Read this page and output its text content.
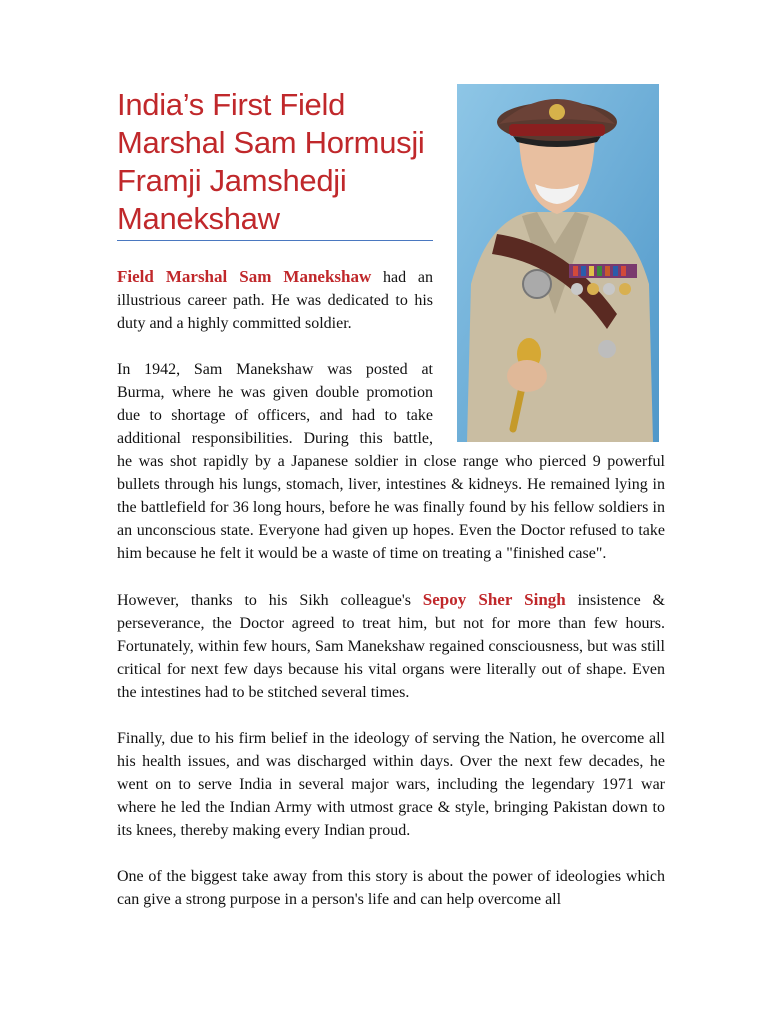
India’s First Field Marshal Sam Hormusji Framji Jamshedji Manekshaw

Field Marshal Sam Manekshaw had an

illustrious career path. He was dedicated to his duty and a highly committed soldier.

In 1942, Sam Manekshaw was posted at

Burma, where he was given double promotion

due to shortage of officers, and had to take

additional responsibilities. During this battle,

he was shot rapidly by a Japanese soldier in close range who pierced 9 powerful bullets through his lungs, stomach, liver, intestines & kidneys. He remained lying in the battlefield for 36 long hours, before he was finally found by his fellow soldiers in an unconscious state. Everyone had given up hopes. Even the Doctor refused to take him because he felt it would be a waste of time on treating a "finished case".

However, thanks to his Sikh colleague's Sepoy Sher Singh insistence & perseverance, the Doctor agreed to treat him, but not for more than few hours. Fortunately, within few hours, Sam Manekshaw regained consciousness, but was still critical for next few days because his vital organs were literally out of shape. Even the intestines had to be stitched several times.

Finally, due to his firm belief in the ideology of serving the Nation, he overcome all his health issues, and was discharged within days. Over the next few decades, he went on to serve India in several major wars, including the legendary 1971 war where he led the Indian Army with utmost grace & style, bringing Pakistan down to its knees, thereby making every Indian proud.

One of the biggest take away from this story is about the power of ideologies which can give a strong purpose in a person's life and can help overcome all
